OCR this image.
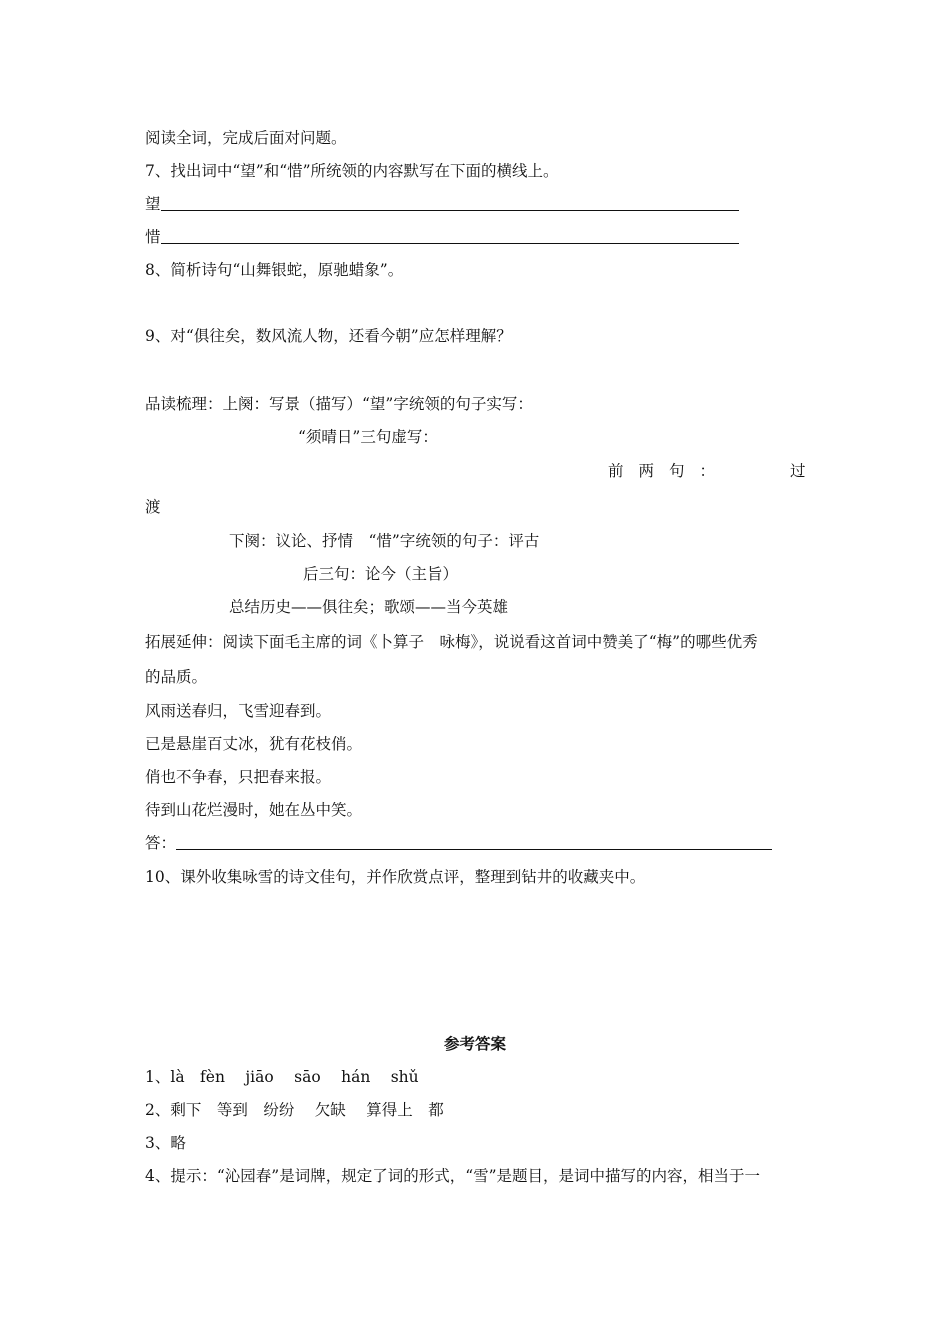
阅读全词，完成后面对问题。
7、找出词中“望”和“惜”所统领的内容默写在下面的横线上。
望
惜
8、简析诗句“山舞银蛇，原驰蜡象”。
9、对“俱往矣，数风流人物，还看今朝”应怎样理解？
品读梳理：上阕：写景（描写）“望”字统领的句子实写：
“须晴日”三句虚写：
前两句：	过
渡
下阕：议论、抒情　“惜”字统领的句子：评古
后三句：论今（主旨）
总结历史——俱往矣；歌颂——当今英雄
拓展延伸：阅读下面毛主席的词《卜算子　咏梅》，说说看这首词中赞美了“梅”的哪些优秀
的品质。
风雨送春归，飞雪迎春到。
已是悬崖百丈冰，犹有花枝俏。
俏也不争春，只把春来报。
待到山花烂漫时，她在丛中笑。
答：
10、课外收集咏雪的诗文佳句，并作欣赏点评，整理到钻井的收藏夹中。
参考答案
1、là　fèn　 jiāo　 sāo　 hán　 shǔ
2、剩下　等到　纷纷　 欠缺　 算得上　都
3、略
4、提示：“沁园春”是词牌，规定了词的形式，“雪”是题目，是词中描写的内容，相当于一
